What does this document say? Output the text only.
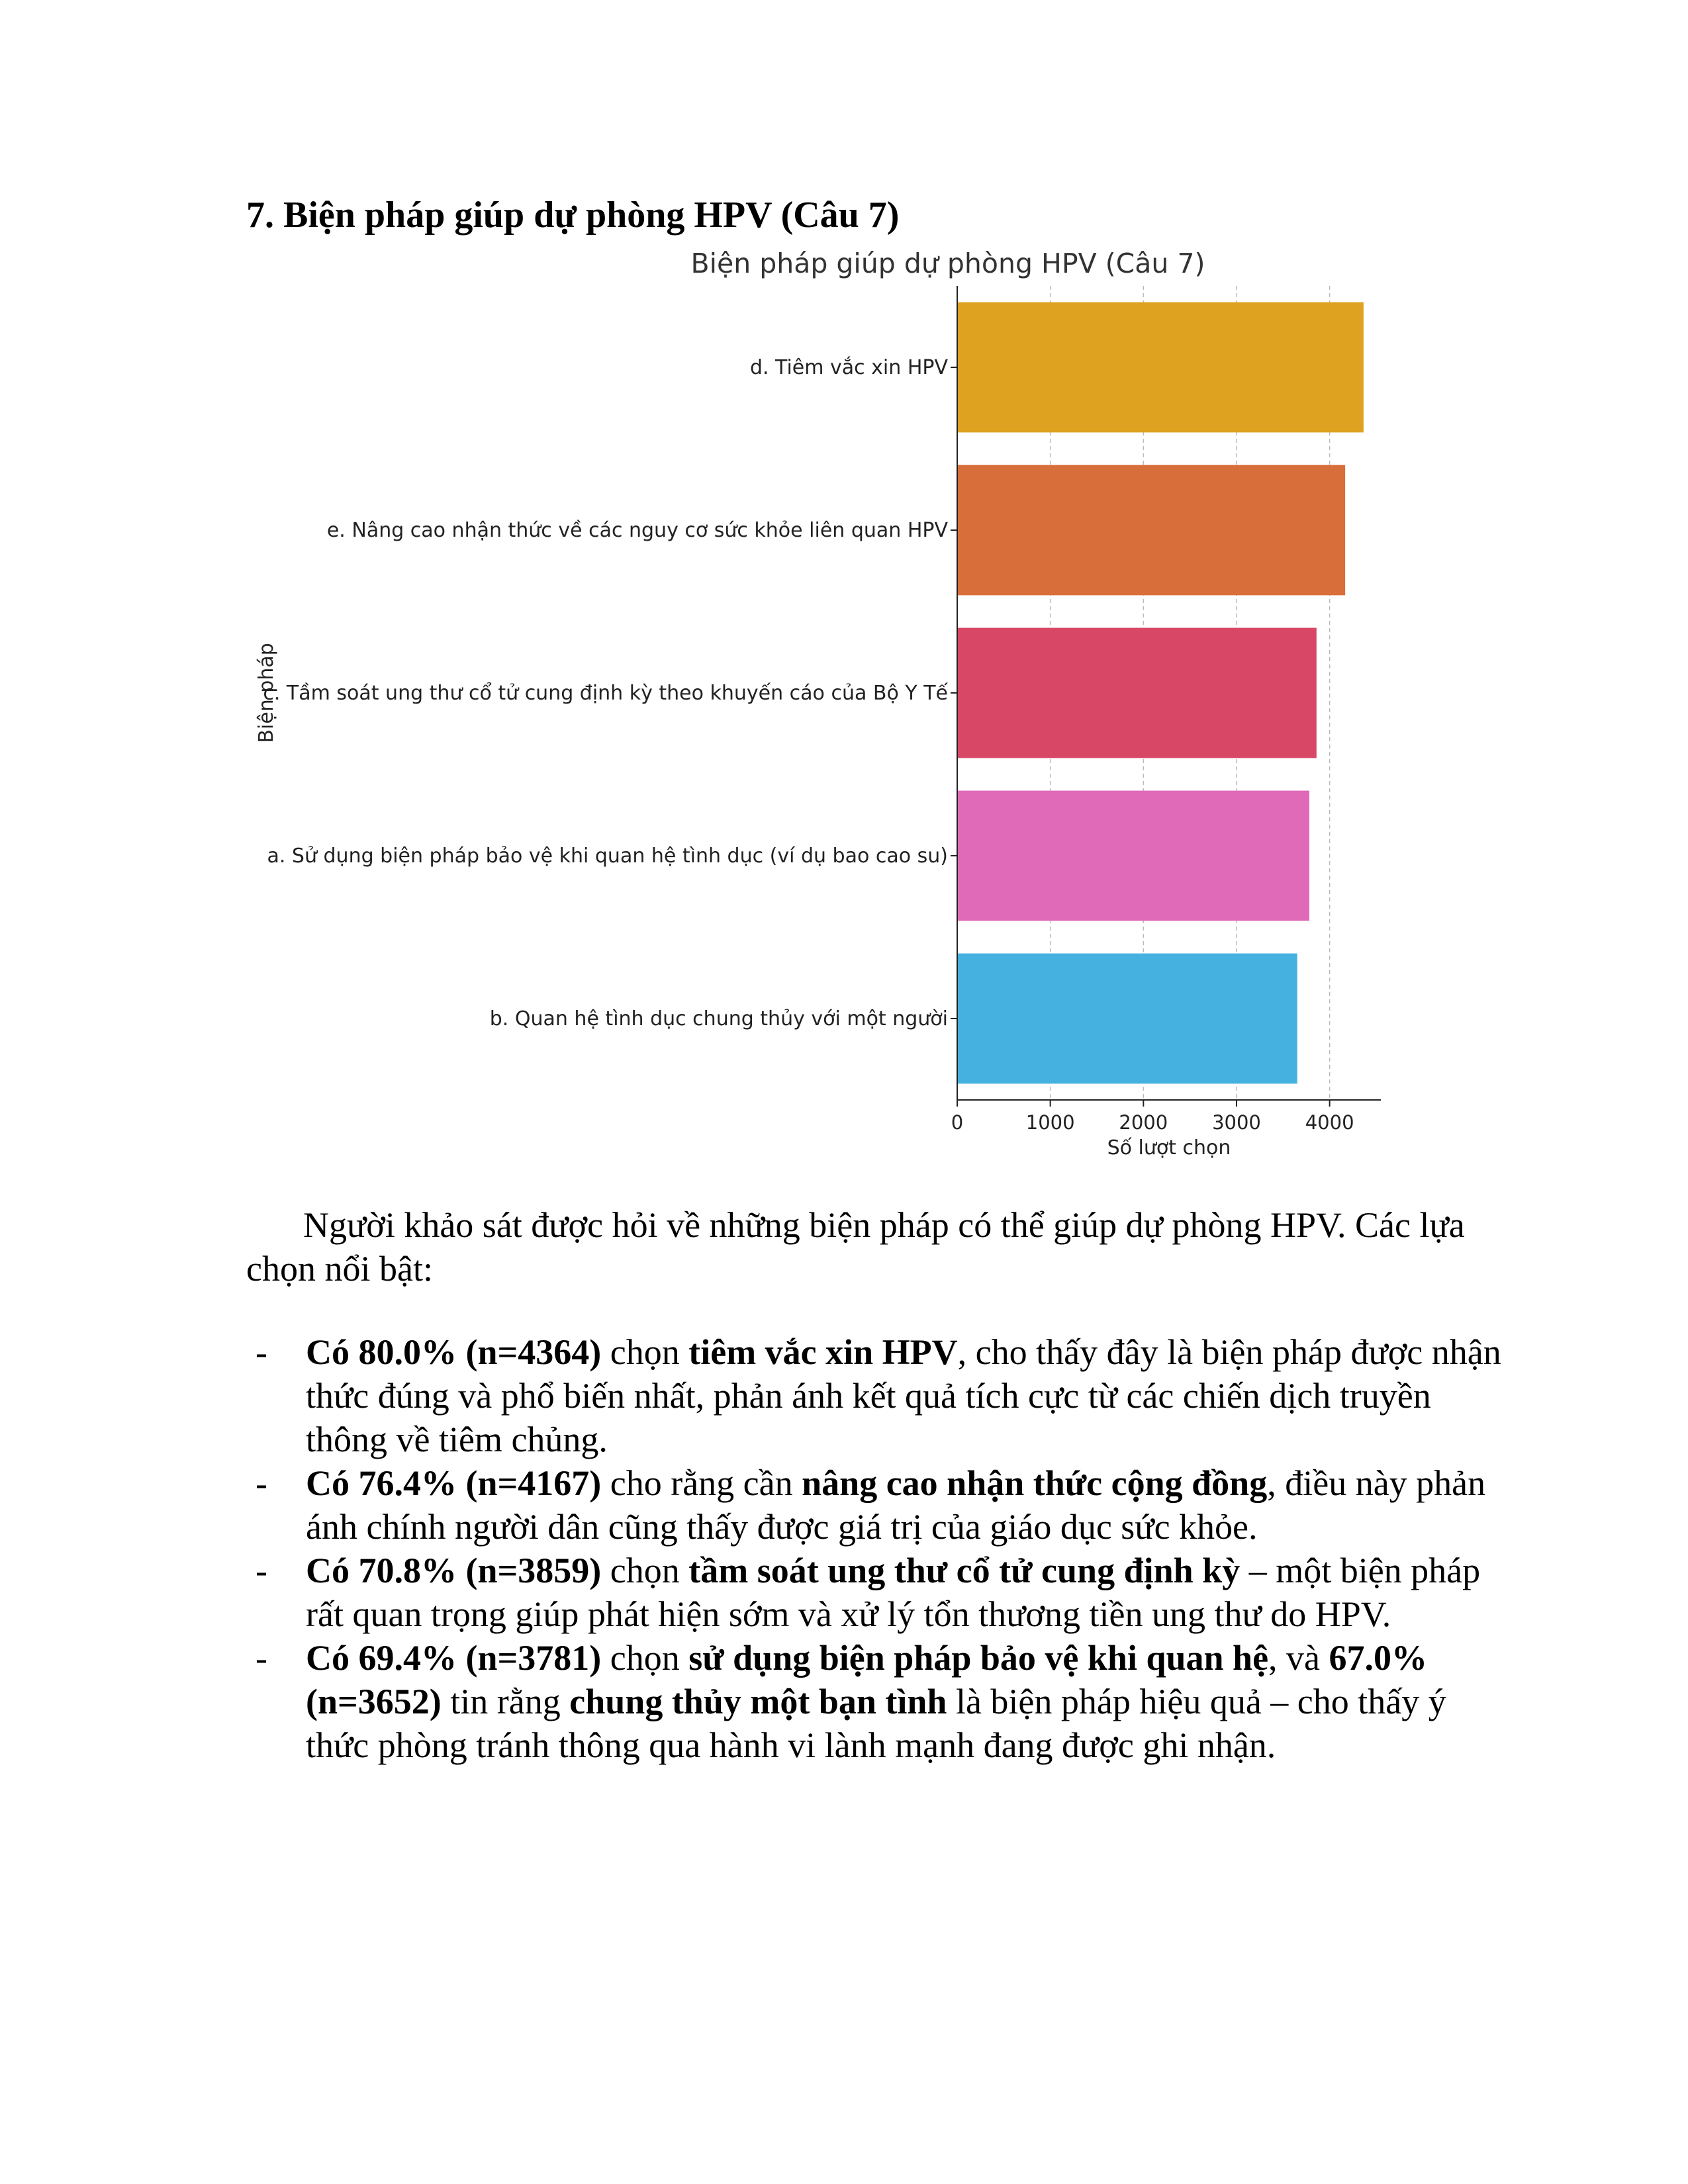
7. Biện pháp giúp dự phòng HPV (Câu 7)
Biện pháp giúp dự phòng HPV (Câu 7)
d. Tiêm vắc xin HPV
e. Nâng cao nhận thức về các nguy cơ sức khỏe liên quan HPV
c. Tầm soát ung thư cổ tử cung định kỳ theo khuyến cáo của Bộ Y Tế
a. Sử dụng biện pháp bảo vệ khi quan hệ tình dục (ví dụ bao cao su)
b. Quan hệ tình dục chung thủy với một người
0	1000 2000 3000 4000
Số lượt chọn
Biện pháp

Người khảo sát được hỏi về những biện pháp có thể giúp dự phòng HPV. Các lựa chọn nổi bật:

- Có 80.0% (n=4364) chọn tiêm vắc xin HPV, cho thấy đây là biện pháp được nhận thức đúng và phổ biến nhất, phản ánh kết quả tích cực từ các chiến dịch truyền thông về tiêm chủng.
- Có 76.4% (n=4167) cho rằng cần nâng cao nhận thức cộng đồng, điều này phản ánh chính người dân cũng thấy được giá trị của giáo dục sức khỏe.
- Có 70.8% (n=3859) chọn tầm soát ung thư cổ tử cung định kỳ – một biện pháp rất quan trọng giúp phát hiện sớm và xử lý tổn thương tiền ung thư do HPV.
- Có 69.4% (n=3781) chọn sử dụng biện pháp bảo vệ khi quan hệ, và 67.0% (n=3652) tin rằng chung thủy một bạn tình là biện pháp hiệu quả – cho thấy ý thức phòng tránh thông qua hành vi lành mạnh đang được ghi nhận.
